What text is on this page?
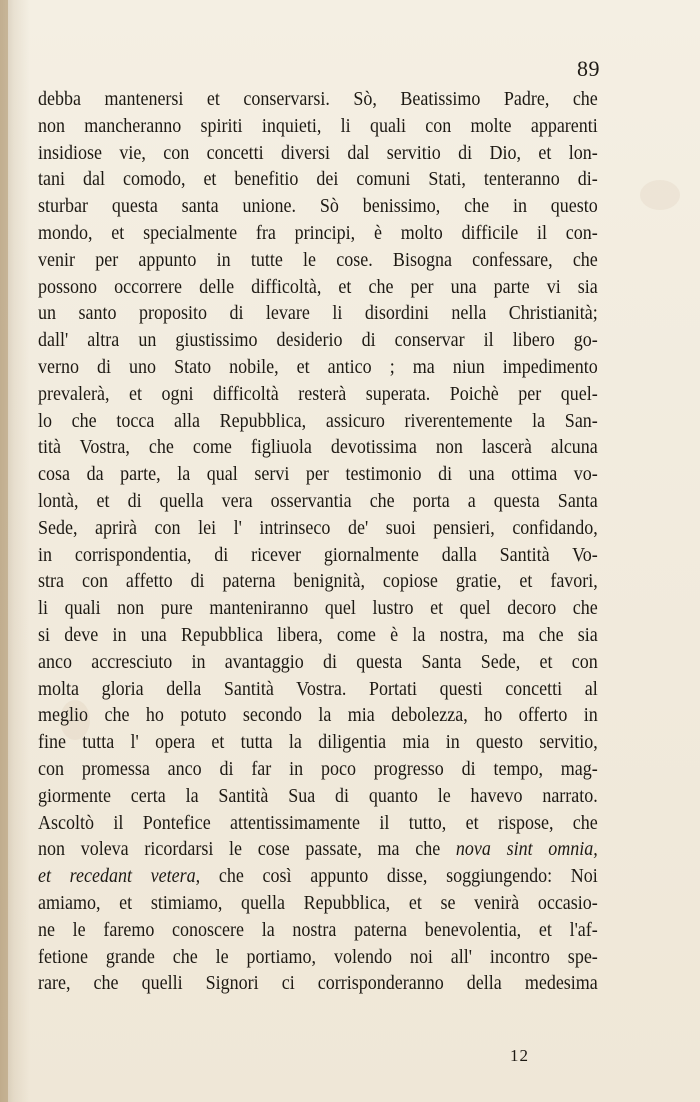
89
debba mantenersi et conservarsi. Sò, Beatissimo Padre, che
non mancheranno spiriti inquieti, li quali con molte apparenti
insidiose vie, con concetti diversi dal servitio di Dio, et lon-
tani dal comodo, et benefitio dei comuni Stati, tenteranno di-
sturbar questa santa unione. Sò benissimo, che in questo
mondo, et specialmente fra principi, è molto difficile il con-
venir per appunto in tutte le cose. Bisogna confessare, che
possono occorrere delle difficoltà, et che per una parte vi sia
un santo proposito di levare li disordini nella Christianità;
dall' altra un giustissimo desiderio di conservar il libero go-
verno di uno Stato nobile, et antico ; ma niun impedimento
prevalerà, et ogni difficoltà resterà superata. Poichè per quel-
lo che tocca alla Repubblica, assicuro riverentemente la San-
tità Vostra, che come figliuola devotissima non lascerà alcuna
cosa da parte, la qual servi per testimonio di una ottima vo-
lontà, et di quella vera osservantia che porta a questa Santa
Sede, aprirà con lei l' intrinseco de' suoi pensieri, confidando,
in corrispondentia, di ricever giornalmente dalla Santità Vo-
stra con affetto di paterna benignità, copiose gratie, et favori,
li quali non pure manteniranno quel lustro et quel decoro che
si deve in una Repubblica libera, come è la nostra, ma che sia
anco accresciuto in avantaggio di questa Santa Sede, et con
molta gloria della Santità Vostra. Portati questi concetti al
meglio che ho potuto secondo la mia debolezza, ho offerto in
fine tutta l' opera et tutta la diligentia mia in questo servitio,
con promessa anco di far in poco progresso di tempo, mag-
giormente certa la Santità Sua di quanto le havevo narrato.
Ascoltò il Pontefice attentissimamente il tutto, et rispose, che
non voleva ricordarsi le cose passate, ma che nova sint omnia,
et recedant vetera, che così appunto disse, soggiungendo: Noi
amiamo, et stimiamo, quella Repubblica, et se venirà occasio-
ne le faremo conoscere la nostra paterna benevolentia, et l'af-
fetione grande che le portiamo, volendo noi all' incontro spe-
rare, che quelli Signori ci corrisponderanno della medesima
12
